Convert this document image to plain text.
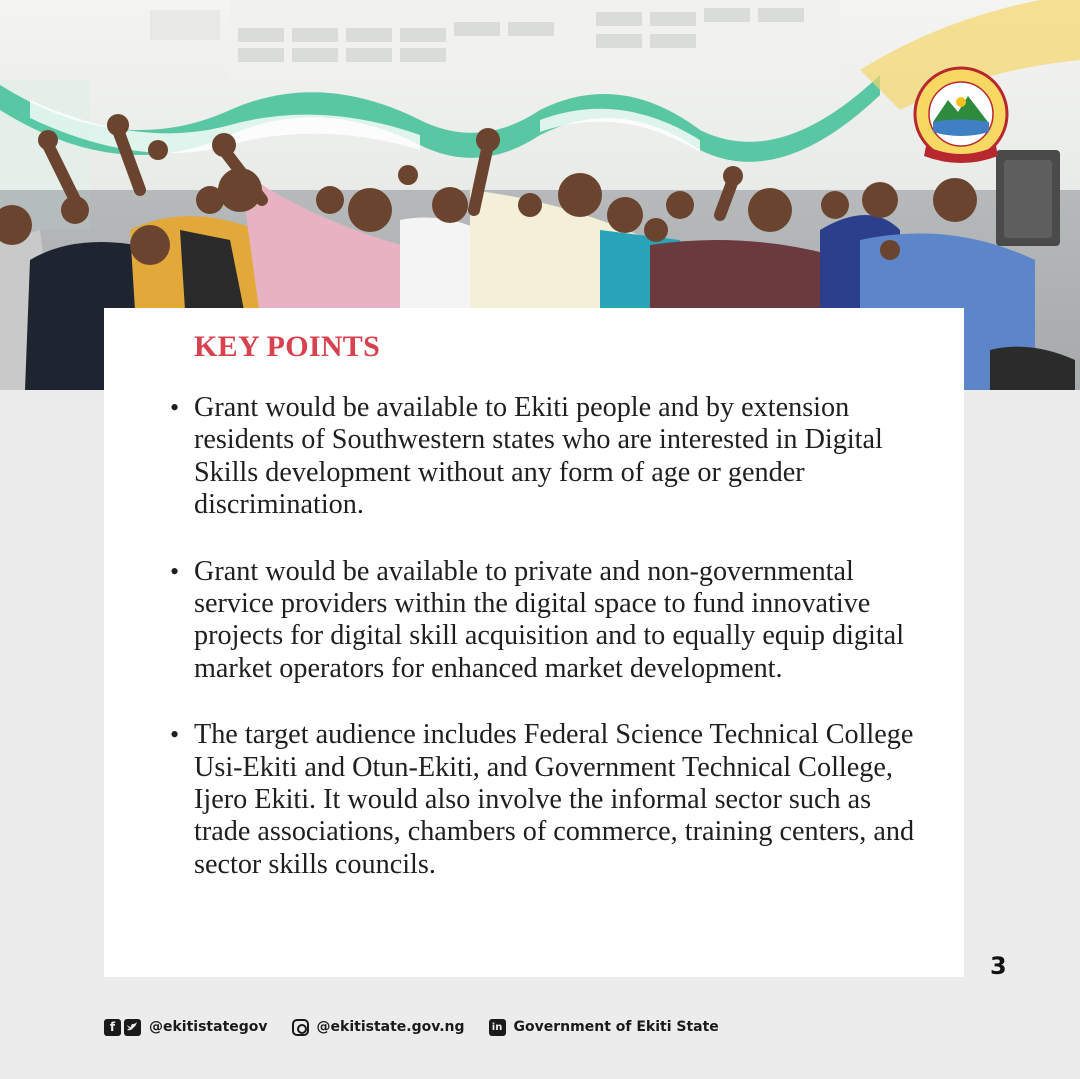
KEY POINTS
• Grant would be available to Ekiti people and by extension residents of Southwestern states who are interested in Digital Skills development without any form of age or gender discrimination.
• Grant would be available to private and non-governmental service providers within the digital space to fund innovative projects for digital skill acquisition and to equally equip digital market operators for enhanced market development.
• The target audience includes Federal Science Technical College Usi-Ekiti and Otun-Ekiti, and Government Technical College, Ijero Ekiti. It would also involve the informal sector such as trade associations, chambers of commerce, training centers, and sector skills councils.
3
f	@ekitistategov	@ekitistate.gov.ng	in Government of Ekiti State
